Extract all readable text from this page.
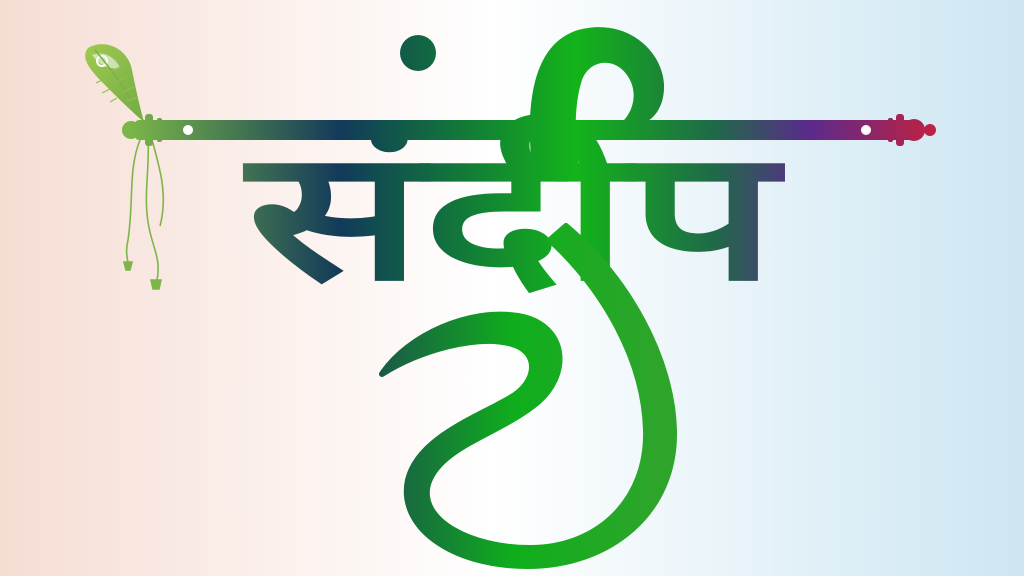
संदीप
